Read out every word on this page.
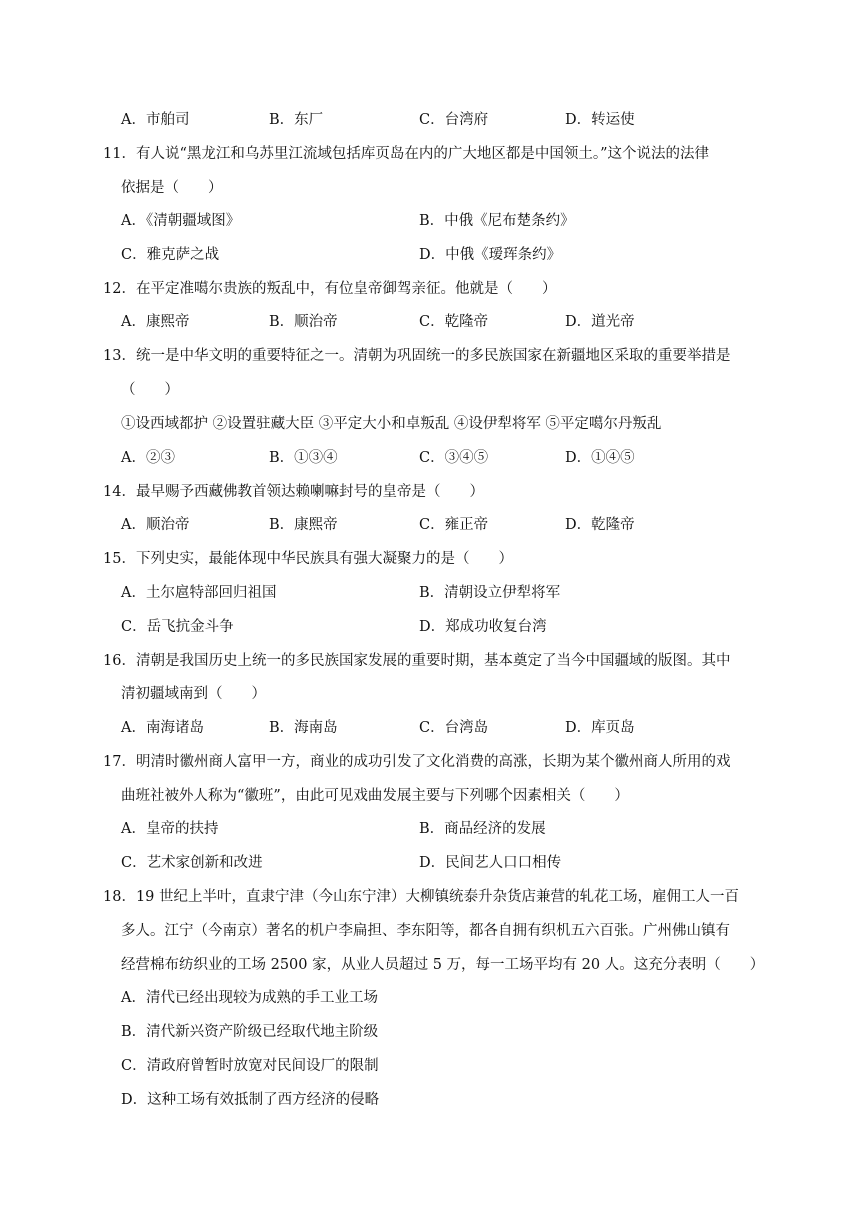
A．市舶司	B．东厂	C．台湾府	D．转运使
11．有人说“黑龙江和乌苏里江流域包括库页岛在内的广大地区都是中国领土。”这个说法的法律
依据是（　　）
A．《清朝疆域图》	B．中俄《尼布楚条约》
C．雅克萨之战	D．中俄《瑷珲条约》
12．在平定准噶尔贵族的叛乱中，有位皇帝御驾亲征。他就是（　　）
A．康熙帝	B．顺治帝	C．乾隆帝	D．道光帝
13．统一是中华文明的重要特征之一。清朝为巩固统一的多民族国家在新疆地区采取的重要举措是
（　　）
①设西域都护 ②设置驻藏大臣 ③平定大小和卓叛乱 ④设伊犁将军 ⑤平定噶尔丹叛乱
A．②③	B．①③④	C．③④⑤	D．①④⑤
14．最早赐予西藏佛教首领达赖喇嘛封号的皇帝是（　　）
A．顺治帝	B．康熙帝	C．雍正帝	D．乾隆帝
15．下列史实，最能体现中华民族具有强大凝聚力的是（　　）
A．土尔扈特部回归祖国	B．清朝设立伊犁将军
C．岳飞抗金斗争	D．郑成功收复台湾
16．清朝是我国历史上统一的多民族国家发展的重要时期，基本奠定了当今中国疆域的版图。其中
清初疆域南到（　　）
A．南海诸岛	B．海南岛	C．台湾岛	D．库页岛
17．明清时徽州商人富甲一方，商业的成功引发了文化消费的高涨，长期为某个徽州商人所用的戏
曲班社被外人称为“徽班”，由此可见戏曲发展主要与下列哪个因素相关（　　）
A．皇帝的扶持	B．商品经济的发展
C．艺术家创新和改进	D．民间艺人口口相传
18．19 世纪上半叶，直隶宁津（今山东宁津）大柳镇统泰升杂货店兼营的轧花工场，雇佣工人一百
多人。江宁（今南京）著名的机户李扁担、李东阳等，都各自拥有织机五六百张。广州佛山镇有
经营棉布纺织业的工场 2500 家，从业人员超过 5 万，每一工场平均有 20 人。这充分表明（　　）
A．清代已经出现较为成熟的手工业工场
B．清代新兴资产阶级已经取代地主阶级
C．清政府曾暂时放宽对民间设厂的限制
D．这种工场有效抵制了西方经济的侵略
